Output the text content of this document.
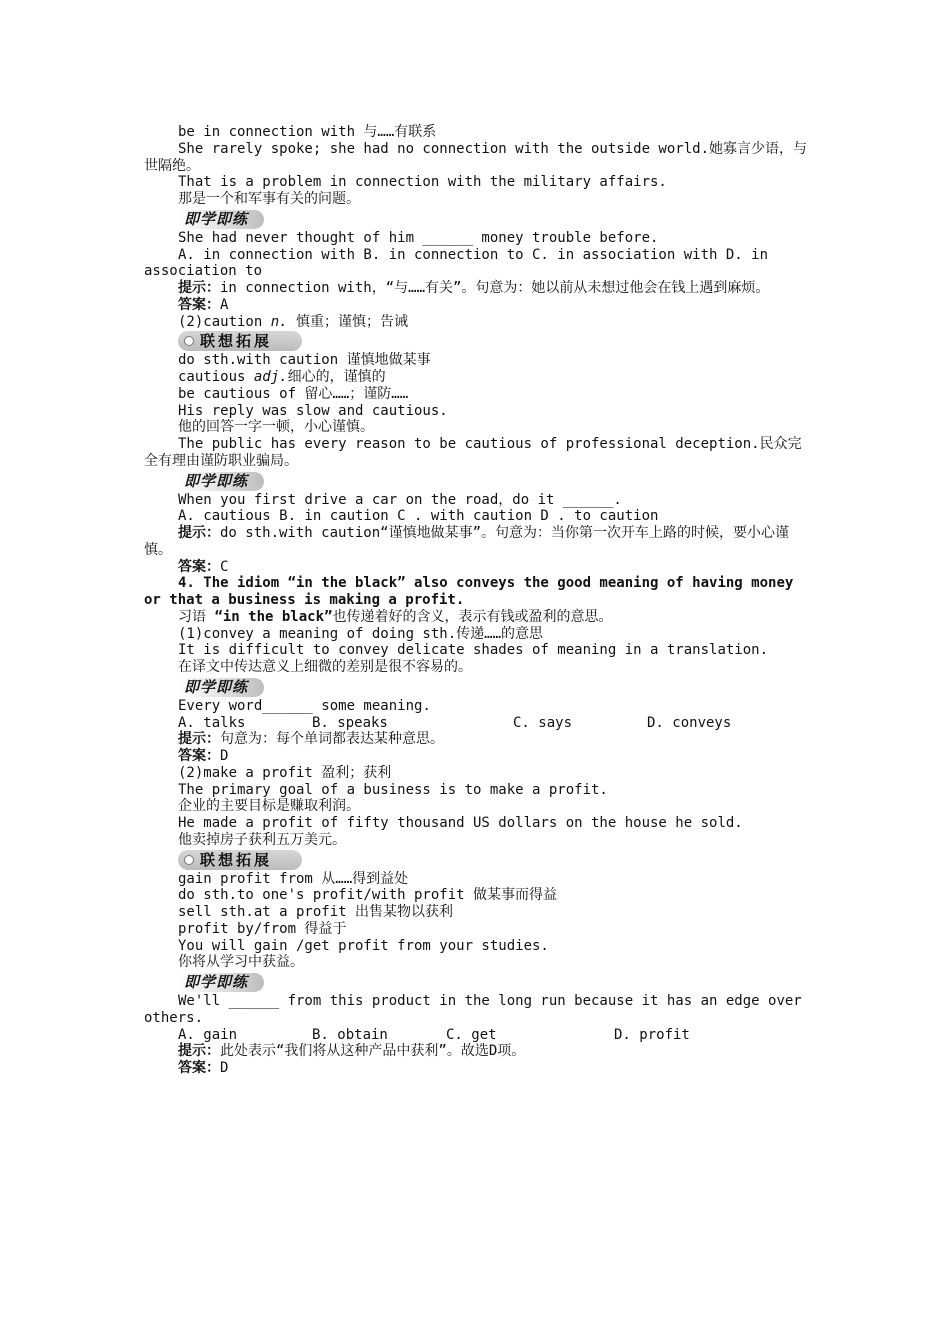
be in connection with 与……有联系
She rarely spoke; she had no connection with the outside world.她寡言少语，与世隔绝。
That is a problem in connection with the military affairs.
那是一个和军事有关的问题。
即学即练
She had never thought of him ______ money trouble before.
A. in connection with B. in connection to C. in association with D. in association to
提示：in connection with，“与……有关”。句意为：她以前从未想过他会在钱上遇到麻烦。
答案：A
(2)caution n. 慎重；谨慎；告诫
联想拓展
do sth.with caution 谨慎地做某事
cautious adj.细心的，谨慎的
be cautious of 留心……；谨防……
His reply was slow and cautious.
他的回答一字一顿，小心谨慎。
The public has every reason to be cautious of professional deception.民众完全有理由谨防职业骗局。
即学即练
When you first drive a car on the road，do it ______.
A. cautious B. in caution C . with caution D . to caution
提示：do sth.with caution“谨慎地做某事”。句意为：当你第一次开车上路的时候，要小心谨慎。
答案：C
4. The idiom “in the black” also conveys the good meaning of having money or that a business is making a profit.
习语 “in the black”也传递着好的含义，表示有钱或盈利的意思。
(1)convey a meaning of doing sth.传递……的意思
It is difficult to convey delicate shades of meaning in a translation.
在译文中传达意义上细微的差别是很不容易的。
即学即练
Every word______ some meaning.
A. talks	B. speaks	C. says	D. conveys
提示：句意为：每个单词都表达某种意思。
答案：D
(2)make a profit 盈利；获利
The primary goal of a business is to make a profit.
企业的主要目标是赚取利润。
He made a profit of fifty thousand US dollars on the house he sold.
他卖掉房子获利五万美元。
联想拓展
gain profit from 从……得到益处
do sth.to one's profit/with profit 做某事而得益
sell sth.at a profit 出售某物以获利
profit by/from 得益于
You will gain /get profit from your studies.
你将从学习中获益。
即学即练
We'll ______ from this product in the long run because it has an edge over others.
A. gain	B. obtain	C. get	D. profit
提示：此处表示“我们将从这种产品中获利”。故选D项。
答案：D
